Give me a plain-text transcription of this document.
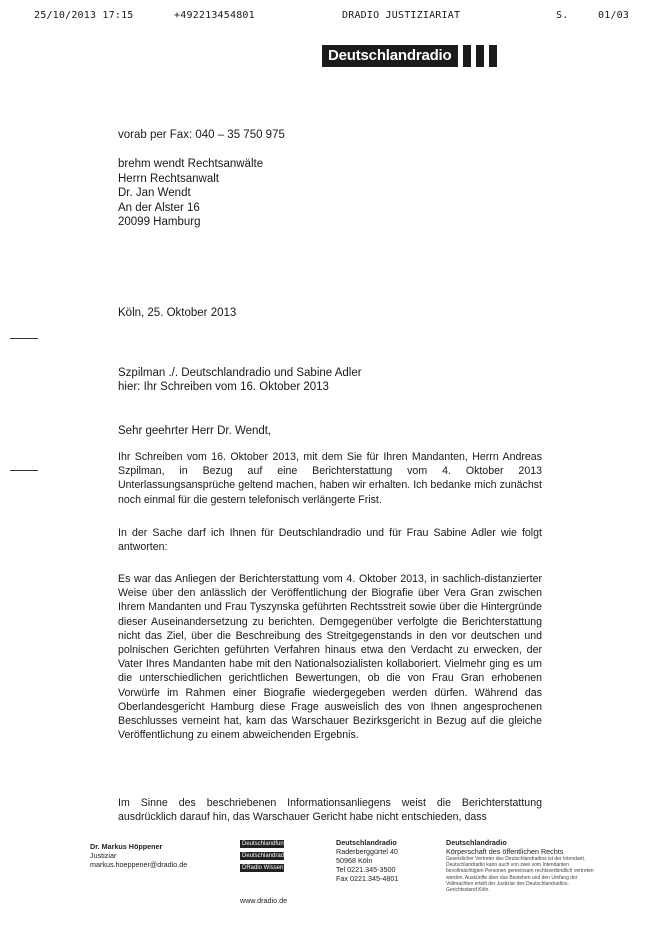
25/10/2013 17:15	+492213454801	DRADIO JUSTIZIARIAT	S.	01/03
Deutschlandradio
vorab per Fax: 040 – 35 750 975
brehm wendt Rechtsanwälte
Herrn Rechtsanwalt
Dr. Jan Wendt
An der Alster 16
20099 Hamburg
Köln, 25. Oktober 2013
Szpilman ./. Deutschlandradio und Sabine Adler
hier: Ihr Schreiben vom 16. Oktober 2013
Sehr geehrter Herr Dr. Wendt,
Ihr Schreiben vom 16. Oktober 2013, mit dem Sie für Ihren Mandanten, Herrn Andreas Szpilman, in Bezug auf eine Berichterstattung vom 4. Oktober 2013 Unterlassungsansprüche geltend machen, haben wir erhalten. Ich bedanke mich zunächst noch einmal für die gestern telefonisch verlängerte Frist.
In der Sache darf ich Ihnen für Deutschlandradio und für Frau Sabine Adler wie folgt antworten:
Es war das Anliegen der Berichterstattung vom 4. Oktober 2013, in sachlich-distanzierter Weise über den anlässlich der Veröffentlichung der Biografie über Vera Gran zwischen Ihrem Mandanten und Frau Tyszynska geführten Rechtsstreit sowie über die Hintergründe dieser Auseinandersetzung zu berichten. Demgegenüber verfolgte die Berichterstattung nicht das Ziel, über die Beschreibung des Streitgegenstands in den vor deutschen und polnischen Gerichten geführten Verfahren hinaus etwa den Verdacht zu erwecken, der Vater Ihres Mandanten habe mit den Nationalsozialisten kollaboriert. Vielmehr ging es um die unterschiedlichen gerichtlichen Bewertungen, ob die von Frau Gran erhobenen Vorwürfe im Rahmen einer Biografie wiedergegeben werden dürfen. Während das Oberlandesgericht Hamburg diese Frage ausweislich des von Ihnen angesprochenen Beschlusses verneint hat, kam das Warschauer Bezirksgericht in Bezug auf die gleiche Veröffentlichung zu einem abweichenden Ergebnis.
Im Sinne des beschriebenen Informationsanliegens weist die Berichterstattung ausdrücklich darauf hin, das Warschauer Gericht habe nicht entschieden, dass
Dr. Markus Höppener
Justiziar
markus.hoeppener@dradio.de
Deutschlandfunk
Deutschlandradio Kultur
DRadio Wissen
www.dradio.de
Deutschlandradio
Raderberggürtel 40
50968 Köln
Tel 0221.345-3500
Fax 0221.345-4801
Deutschlandradio
Körperschaft des öffentlichen Rechts
Gesetzlicher Vertreter des Deutschlandradios ist der Intendant. Deutschlandradio kann auch von zwei vom Intendanten bevollmächtigten Personen gemeinsam rechtsverbindlich vertreten werden. Auskünfte über das Bestehen und den Umfang der Vollmachten erteilt der Justiziar des Deutschlandradios. Gerichtsstand Köln.
